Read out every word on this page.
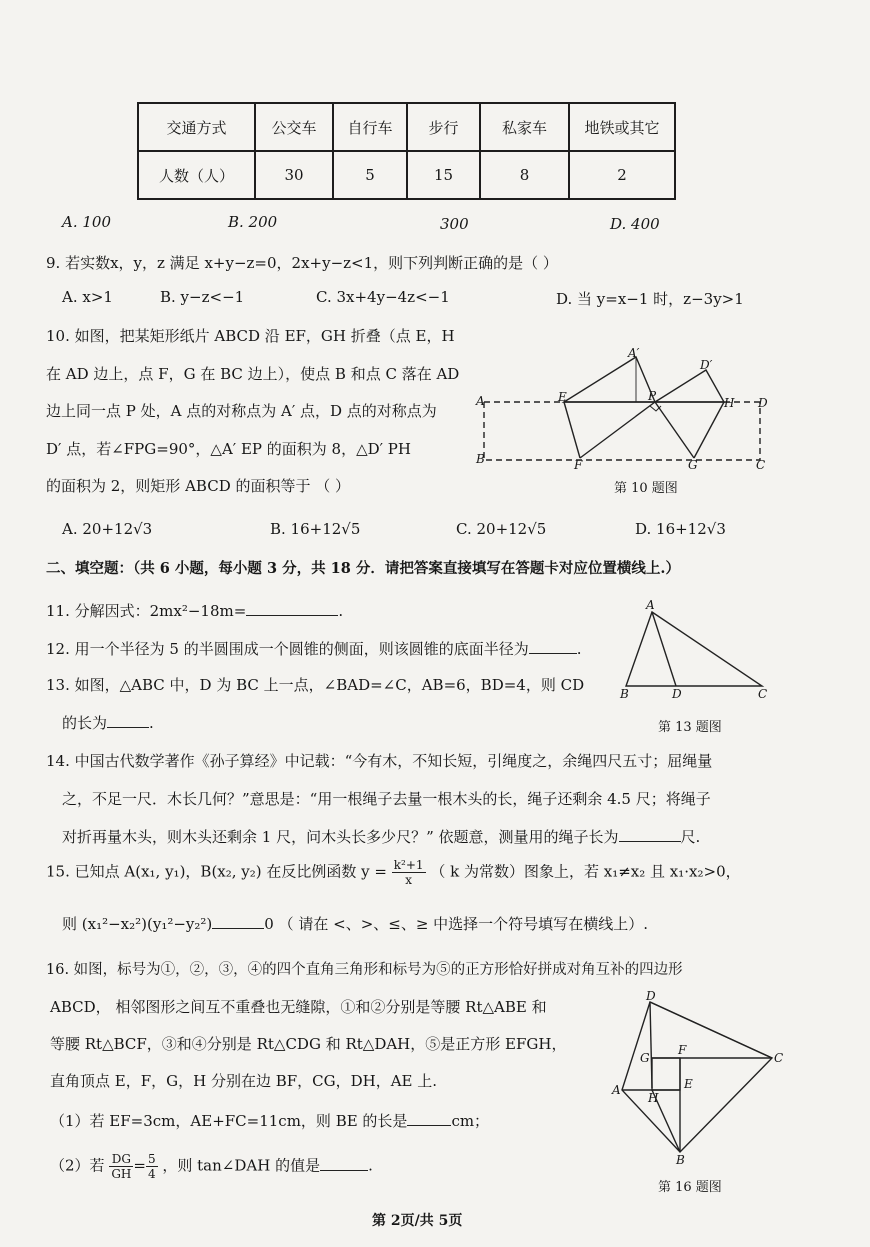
交通方式	公交车	自行车	步行	私家车	地铁或其它
人数（人）	30	5	15	8	2
A. 100	B. 200	300	D. 400
9. 若实数x，y，z 满足 x+y−z=0，2x+y−z<1，则下列判断正确的是（ ）
A. x>1	B. y−z<−1	C. 3x+4y−4z<−1	D. 当 y=x−1 时，z−3y>1
10. 如图，把某矩形纸片 ABCD 沿 EF，GH 折叠（点 E，H
在 AD 边上，点 F，G 在 BC 边上），使点 B 和点 C 落在 AD
边上同一点 P 处，A 点的对称点为 A′ 点，D 点的对称点为
D′ 点，若∠FPG=90°，△A′ EP 的面积为 8，△D′ PH
的面积为 2，则矩形 ABCD 的面积等于 （ ）
A. 20+12√3	B. 16+12√5	C. 20+12√5	D. 16+12√3
A′
D′
A	E	P	H D
B	F	G	C
第 10 题图
二、填空题：（共 6 小题，每小题 3 分，共 18 分．请把答案直接填写在答题卡对应位置横线上.）
11. 分解因式：2mx²−18m=	.
12. 用一个半径为 5 的半圆围成一个圆锥的侧面，则该圆锥的底面半径为	.
13. 如图，△ABC 中，D 为 BC 上一点，∠BAD=∠C，AB=6，BD=4，则 CD
的长为	.
A
B	D	C
第 13 题图
14. 中国古代数学著作《孙子算经》中记载：“今有木，不知长短，引绳度之，余绳四尺五寸；屈绳量
之，不足一尺．木长几何？”意思是：“用一根绳子去量一根木头的长，绳子还剩余 4.5 尺；将绳子
对折再量木头，则木头还剩余 1 尺，问木头长多少尺？” 依题意，测量用的绳子长为	尺.
15. 已知点 A(x₁, y₁)，B(x₂, y₂) 在反比例函数 $y = \frac{\text{k²+1}}{x}$ （ k 为常数）图象上，若 x₁≠x₂ 且 x₁·x₂>0，
则 (x₁²−x₂²)(y₁²−y₂²)	0 （ 请在 <、>、≤、≥ 中选择一个符号填写在横线上）.
16. 如图，标号为①，②，③，④的四个直角三角形和标号为⑤的正方形恰好拼成对角互补的四边形
ABCD， 相邻图形之间互不重叠也无缝隙，①和②分别是等腰 Rt△ABE 和
等腰 Rt△BCF，③和④分别是 Rt△CDG 和 Rt△DAH，⑤是正方形 EFGH，
直角顶点 E，F，G，H 分别在边 BF，CG，DH，AE 上.
（1）若 EF=3cm，AE+FC=11cm，则 BE 的长是	cm；
（2）若 $\frac{DG}{GH} = \frac{5}{4}$ ，则 tan∠DAH 的值是	.
D
G
F
C
A
H
E
B
第 16 题图
第 2页/共 5页
